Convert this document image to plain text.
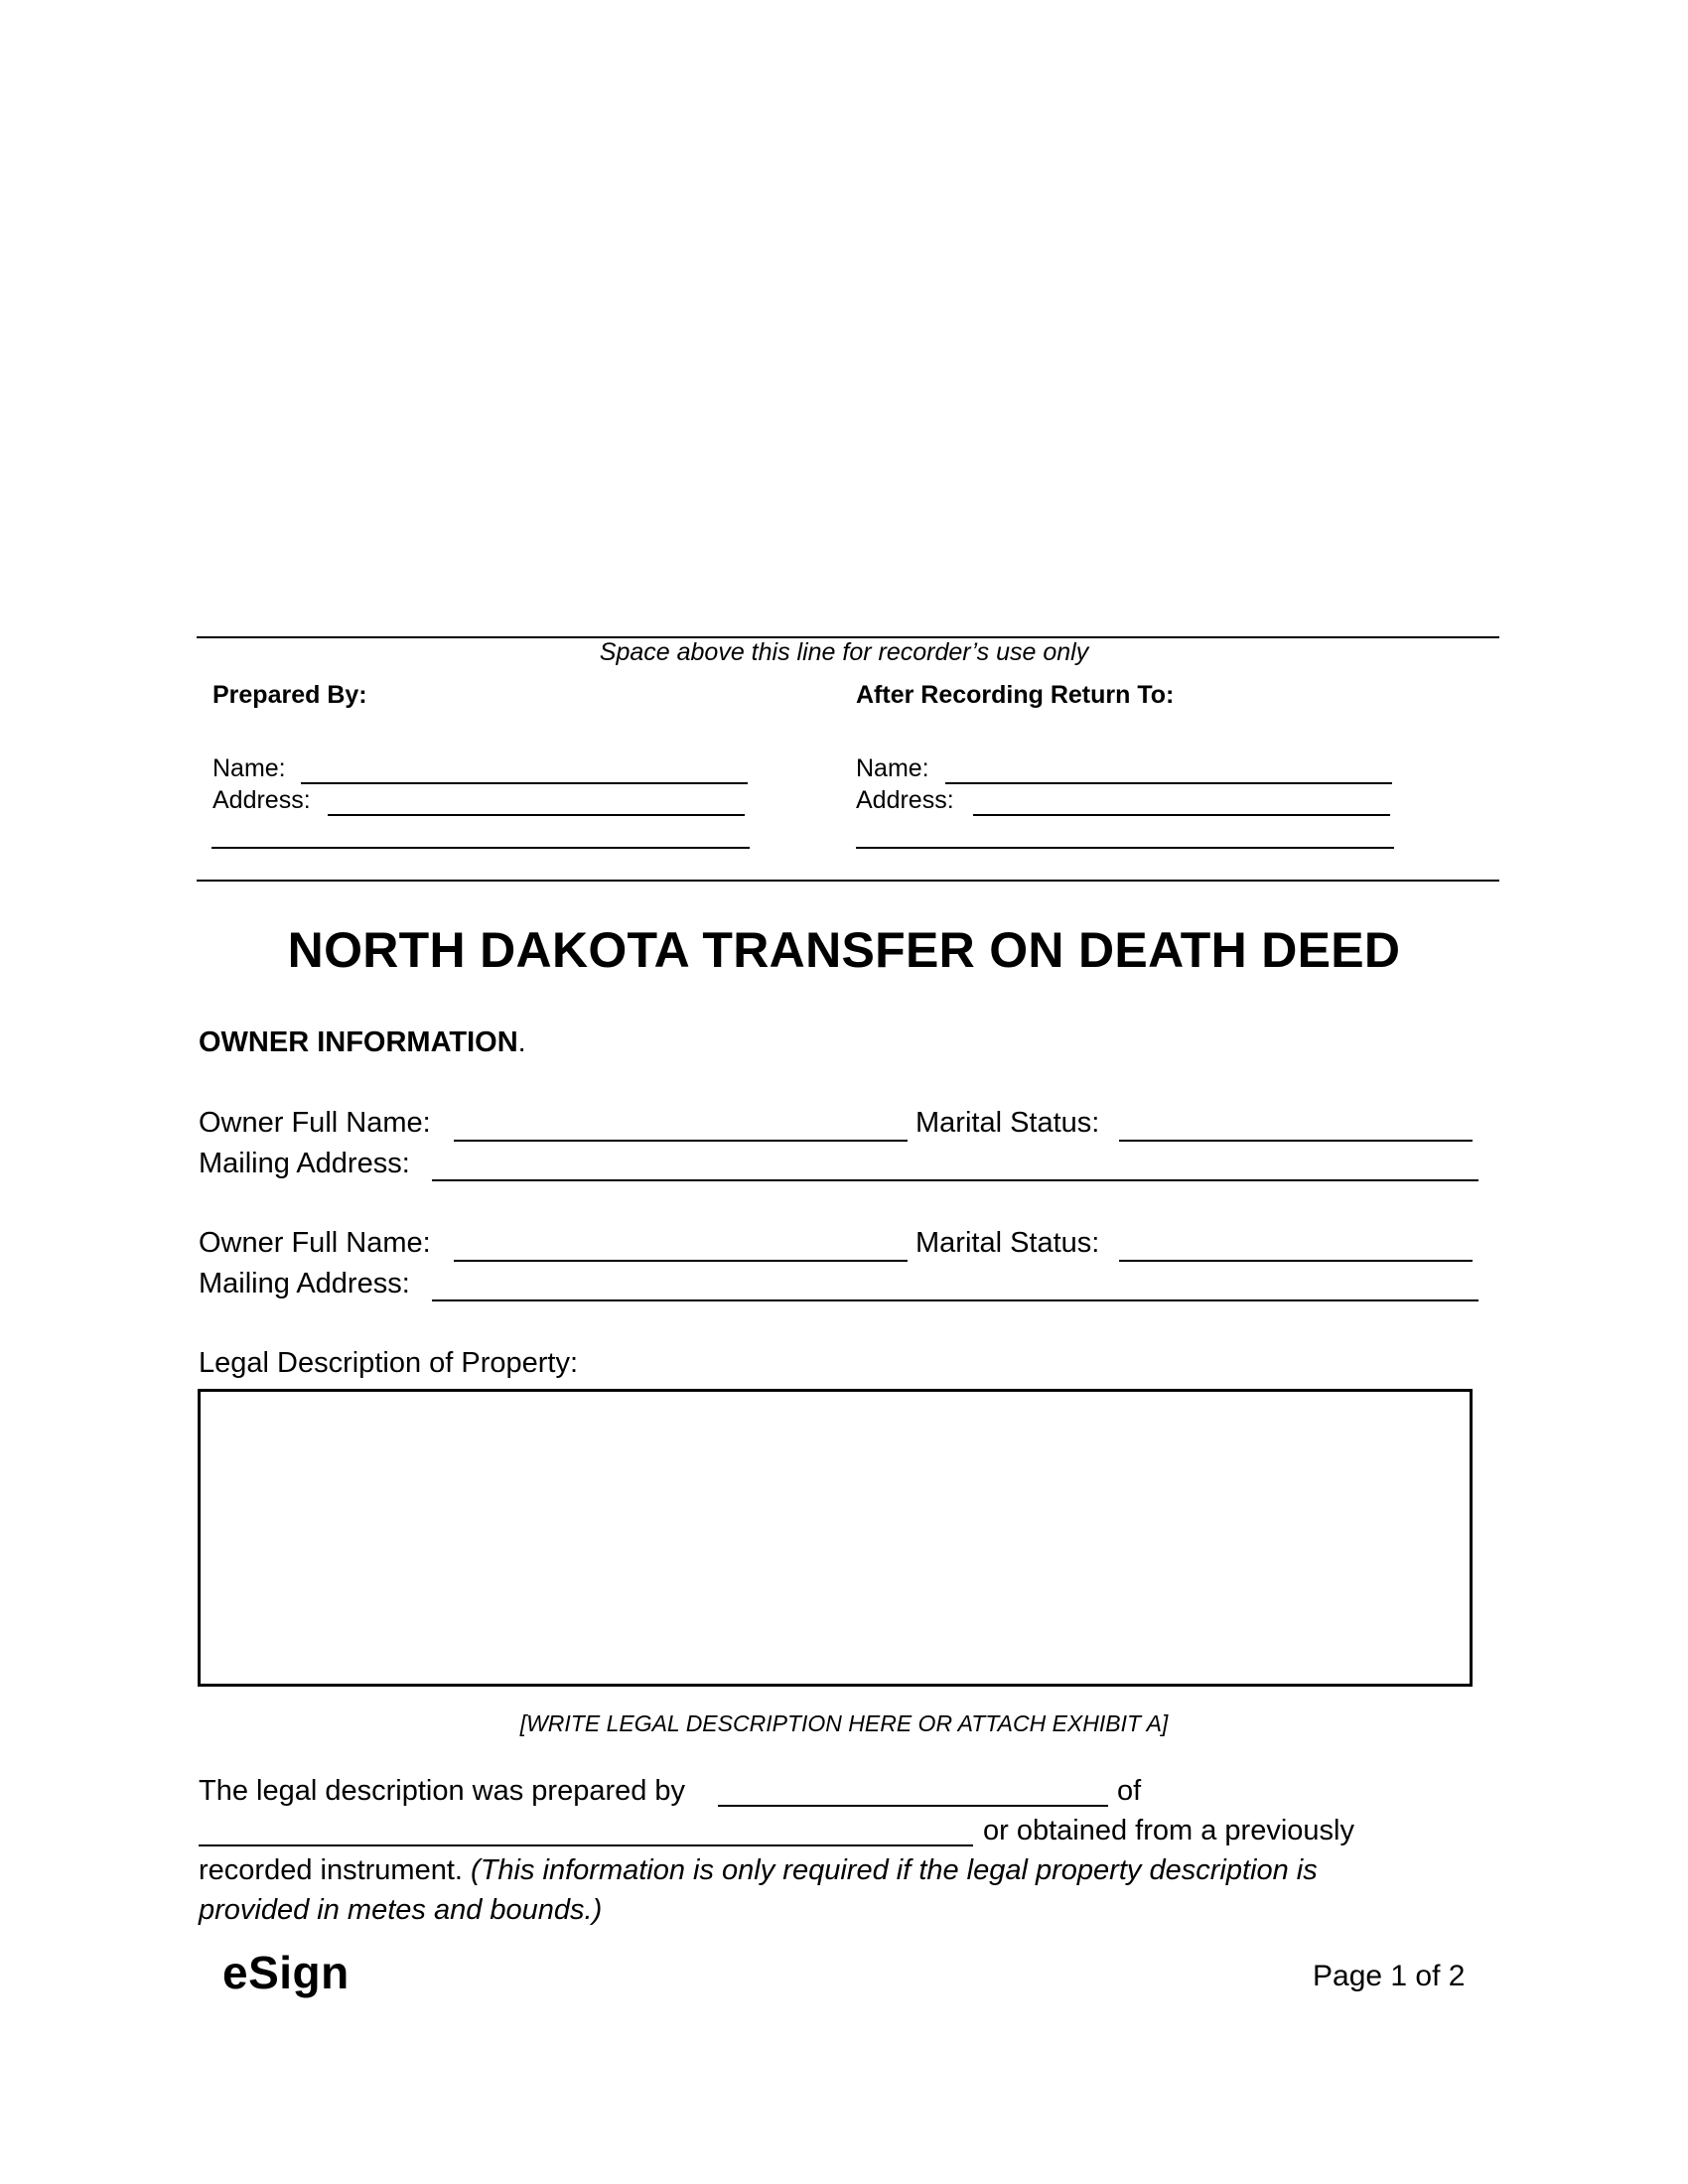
Space above this line for recorder’s use only
Prepared By:
Name:
Address:
After Recording Return To:
Name:
Address:
NORTH DAKOTA TRANSFER ON DEATH DEED
OWNER INFORMATION.
Owner Full Name:	Marital Status:
Mailing Address:
Owner Full Name:	Marital Status:
Mailing Address:
Legal Description of Property:
[WRITE LEGAL DESCRIPTION HERE OR ATTACH EXHIBIT A]
The legal description was prepared by	of
or obtained from a previously
recorded instrument. (This information is only required if the legal property description is
provided in metes and bounds.)
eSign	Page 1 of 2
